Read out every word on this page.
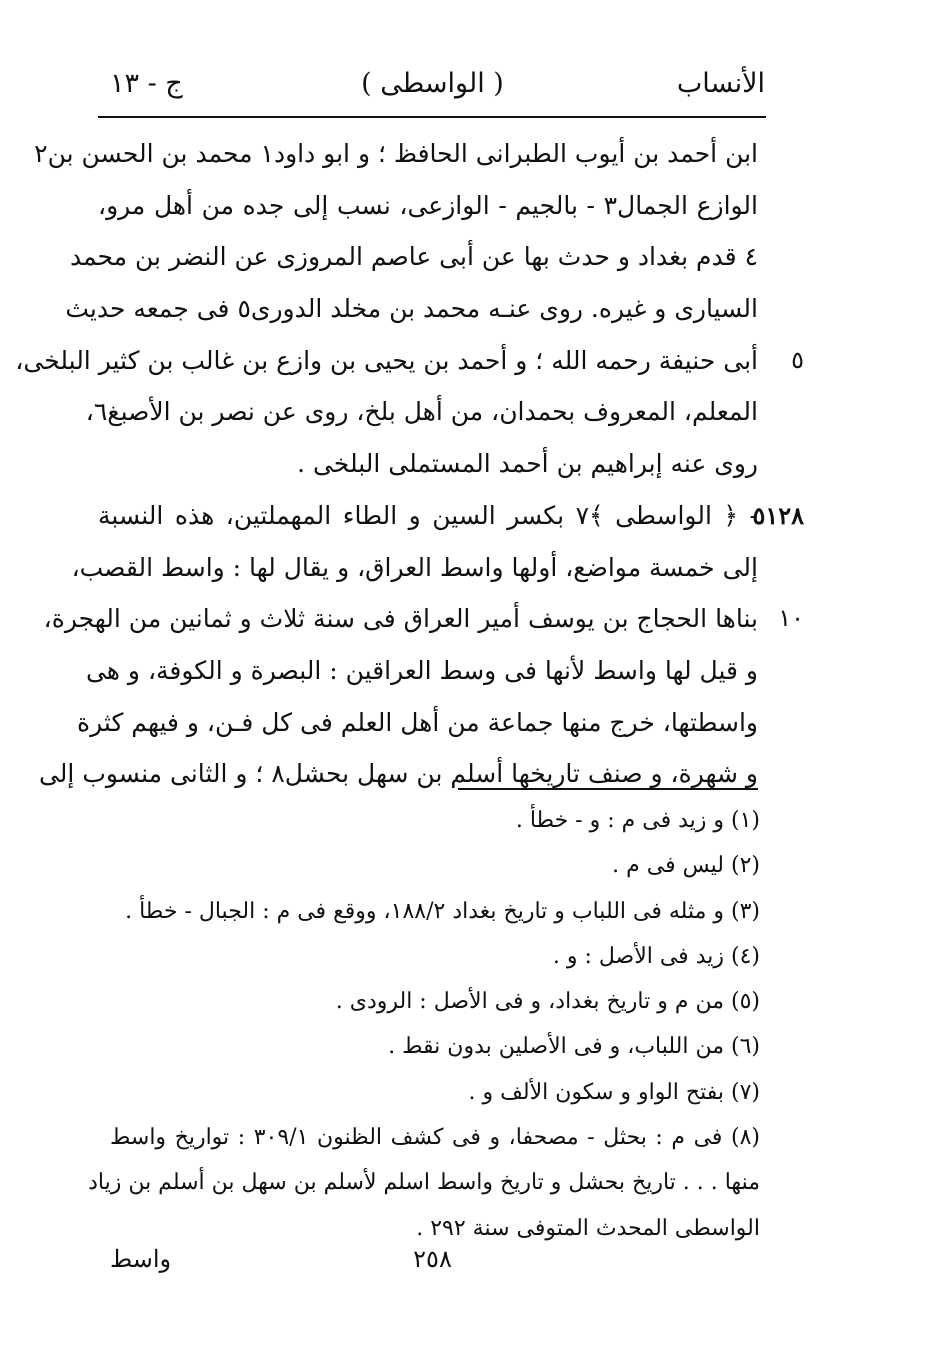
الأنساب
( الواسطی )
ج - ١٣
ابن أحمد بن أيوب الطبرانی الحافظ ؛ و ابو داود١ محمد بن الحسن بن٢
الوازع الجمال٣ - بالجيم - الوازعی، نسب إلى جده من أهل مرو،
٤ قدم بغداد و حدث بها عن أبی عاصم المروزی عن النضر بن محمد
السياری و غيره. روی عنـه محمد بن مخلد الدوری٥ فی جمعه حديث
٥
أبی حنيفة رحمه الله ؛ و أحمد بن يحيى بن وازع بن غالب بن كثير البلخی،
المعلم، المعروف بحمدان، من أهل بلخ، روی عن نصر بن الأصبغ٦،
روی عنه إبراهيم بن أحمد المستملی البلخی .
٥١٢٨
- ﴿ الواسطی ﴾٧ بكسر السين و الطاء المهملتين، هذه النسبة
إلى خمسة مواضع، أولها واسط العراق، و يقال لها : واسط القصب،
١٠
بناها الحجاج بن يوسف أمير العراق فی سنة ثلاث و ثمانين من الهجرة،
و قيل لها واسط لأنها فی وسط العراقين : البصرة و الكوفة، و هی
واسطتها، خرج منها جماعة من أهل العلم فی كل فـن، و فيهم كثرة
و شهرة، و صنف تاريخها أسلم بن سهل بحشل٨ ؛ و الثانی منسوب إلى
(١) و زيد فی م : و - خطأ .
(٢) ليس فی م .
(٣) و مثله فی اللباب و تاريخ بغداد ١٨٨/٢، ووقع فی م : الجبال - خطأ .
(٤) زيد فی الأصل : و .
(٥) من م و تاريخ بغداد، و فی الأصل : الرودی .
(٦) من اللباب، و فی الأصلين بدون نقط .
(٧) بفتح الواو و سكون الألف و .
(٨) فی م : بحثل - مصحفا، و فی كشف الظنون ٣٠٩/١ : تواريخ واسط
منها . . . تاريخ بحشل و تاريخ واسط اسلم لأسلم بن سهل بن أسلم بن زياد
الواسطی المحدث المتوفی سنة ٢٩٢ .
٢٥٨
واسط
